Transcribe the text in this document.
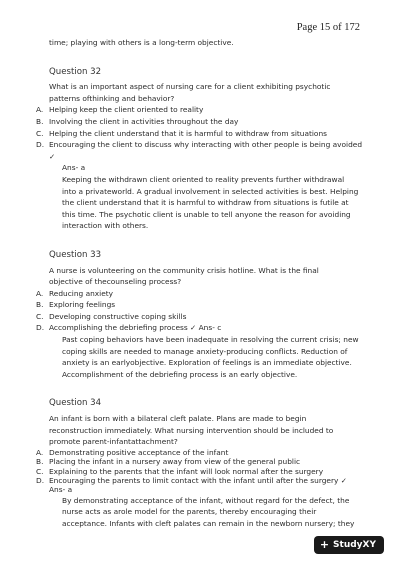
Page 15 of 172
time; playing with others is a long-term objective.
Question 32
What is an important aspect of nursing care for a client exhibiting psychotic
patterns ofthinking and behavior?
A. Helping keep the client oriented to reality
B. Involving the client in activities throughout the day
C. Helping the client understand that it is harmful to withdraw from situations
D. Encouraging the client to discuss why interacting with other people is being avoided ✓
Ans- a
Keeping the withdrawn client oriented to reality prevents further withdrawal
into a privateworld. A gradual involvement in selected activities is best. Helping
the client understand that it is harmful to withdraw from situations is futile at
this time. The psychotic client is unable to tell anyone the reason for avoiding
interaction with others.
Question 33
A nurse is volunteering on the community crisis hotline. What is the final
objective of thecounseling process?
A. Reducing anxiety
B. Exploring feelings
C. Developing constructive coping skills
D. Accomplishing the debriefing process ✓ Ans- c
Past coping behaviors have been inadequate in resolving the current crisis; new
coping skills are needed to manage anxiety-producing conflicts. Reduction of
anxiety is an earlyobjective. Exploration of feelings is an immediate objective.
Accomplishment of the debriefing process is an early objective.
Question 34
An infant is born with a bilateral cleft palate. Plans are made to begin
reconstruction immediately. What nursing intervention should be included to
promote parent-infantattachment?
A. Demonstrating positive acceptance of the infant
B. Placing the infant in a nursery away from view of the general public
C. Explaining to the parents that the infant will look normal after the surgery
D. Encouraging the parents to limit contact with the infant until after the surgery ✓
Ans- a
By demonstrating acceptance of the infant, without regard for the defect, the
nurse acts as arole model for the parents, thereby encouraging their
acceptance. Infants with cleft palates can remain in the newborn nursery; they
+ StudyXY
